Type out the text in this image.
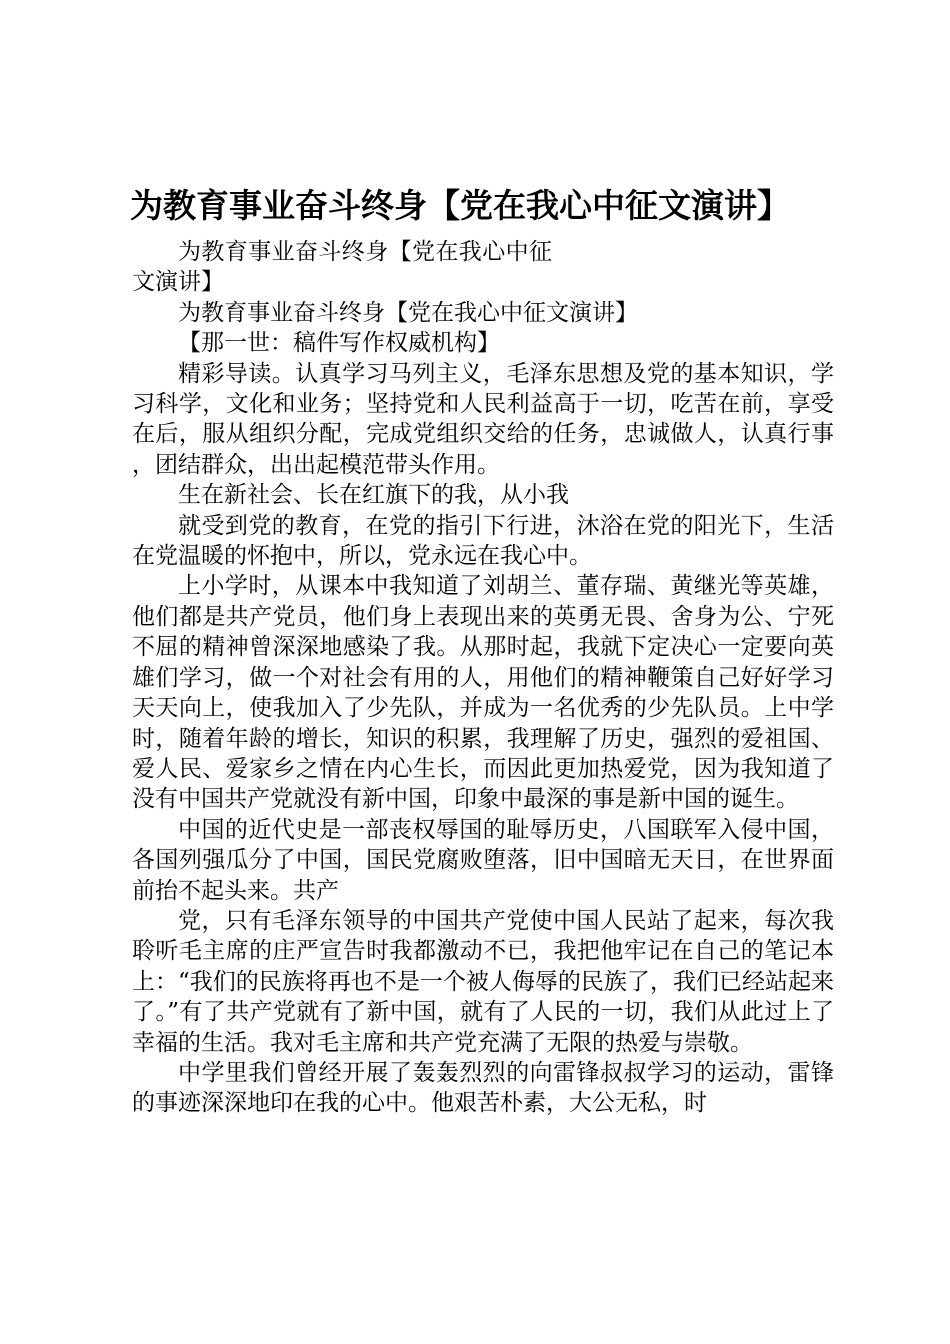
为教育事业奋斗终身【党在我心中征文演讲】

为教育事业奋斗终身【党在我心中征文演讲】

为教育事业奋斗终身【党在我心中征文演讲】

【那一世：稿件写作权威机构】

精彩导读。认真学习马列主义，毛泽东思想及党的基本知识，学习科学，文化和业务；坚持党和人民利益高于一切，吃苦在前，享受在后，服从组织分配，完成党组织交给的任务，忠诚做人，认真行事，团结群众，出出起模范带头作用。

生在新社会、长在红旗下的我，从小我

就受到党的教育，在党的指引下行进，沐浴在党的阳光下，生活在党温暖的怀抱中，所以，党永远在我心中。

上小学时，从课本中我知道了刘胡兰、董存瑞、黄继光等英雄，他们都是共产党员，他们身上表现出来的英勇无畏、舍身为公、宁死不屈的精神曾深深地感染了我。从那时起，我就下定决心一定要向英雄们学习，做一个对社会有用的人，用他们的精神鞭策自己好好学习天天向上，使我加入了少先队，并成为一名优秀的少先队员。上中学时，随着年龄的增长，知识的积累，我理解了历史，强烈的爱祖国、爱人民、爱家乡之情在内心生长，而因此更加热爱党，因为我知道了没有中国共产党就没有新中国，印象中最深的事是新中国的诞生。

中国的近代史是一部丧权辱国的耻辱历史，八国联军入侵中国，各国列强瓜分了中国，国民党腐败堕落，旧中国暗无天日，在世界面前抬不起头来。共产

党，只有毛泽东领导的中国共产党使中国人民站了起来，每次我聆听毛主席的庄严宣告时我都激动不已，我把他牢记在自己的笔记本上：“我们的民族将再也不是一个被人侮辱的民族了，我们已经站起来了。”有了共产党就有了新中国，就有了人民的一切，我们从此过上了幸福的生活。我对毛主席和共产党充满了无限的热爱与崇敬。

中学里我们曾经开展了轰轰烈烈的向雷锋叔叔学习的运动，雷锋的事迹深深地印在我的心中。他艰苦朴素，大公无私，时
